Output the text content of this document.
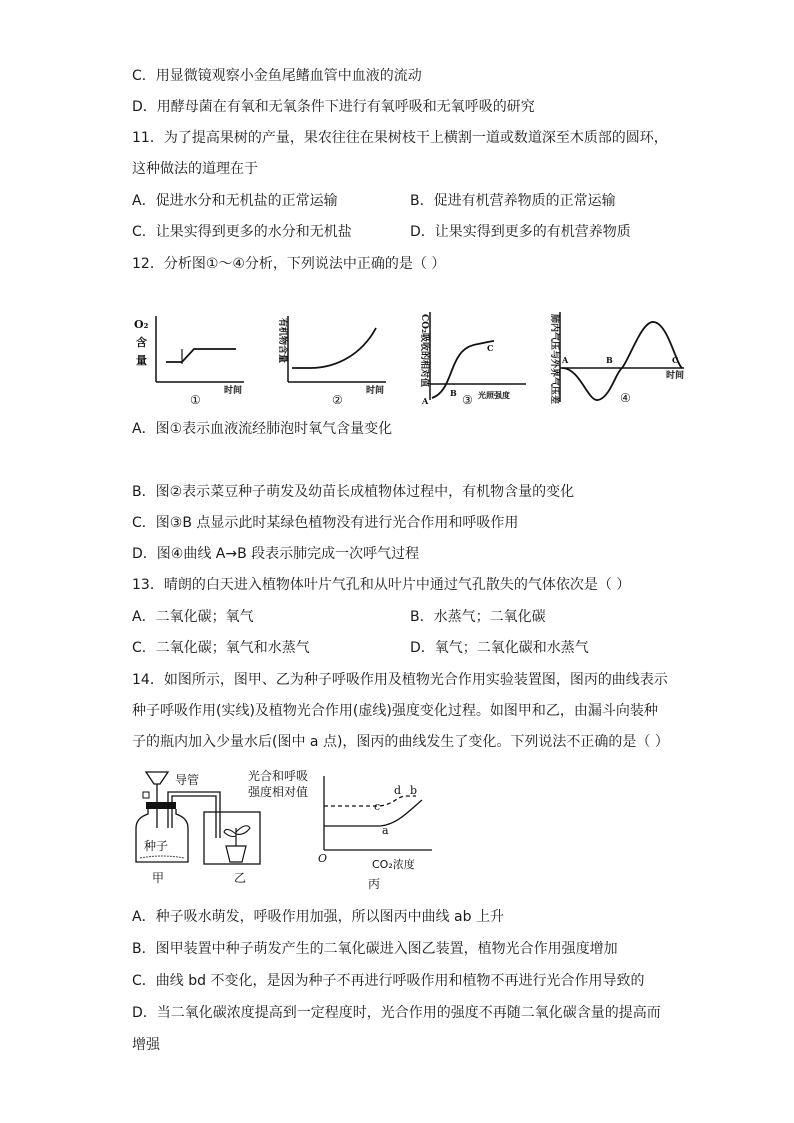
C．用显微镜观察小金鱼尾鳍血管中血液的流动
D．用酵母菌在有氧和无氧条件下进行有氧呼吸和无氧呼吸的研究
11．为了提高果树的产量，果农往往在果树枝干上横割一道或数道深至木质部的圆环，
这种做法的道理在于
A．促进水分和无机盐的正常运输	B．促进有机营养物质的正常运输
C．让果实得到更多的水分和无机盐	D．让果实得到更多的有机营养物质
12．分析图①～④分析，下列说法中正确的是（ ）
O₂
含
量
时间
①
有机物含量
时间
②
CO₂吸收的相对值
A
B
C
③ 光照强度	肺内气压与外界气压差 A	B	C
时间
④
A．图①表示血液流经肺泡时氧气含量变化
B．图②表示菜豆种子萌发及幼苗长成植物体过程中，有机物含量的变化
C．图③B 点显示此时某绿色植物没有进行光合作用和呼吸作用
D．图④曲线 A→B 段表示肺完成一次呼气过程
13．晴朗的白天进入植物体叶片气孔和从叶片中通过气孔散失的气体依次是（ ）
A．二氧化碳；氧气	B．水蒸气；二氧化碳
C．二氧化碳；氧气和水蒸气	D．氧气；二氧化碳和水蒸气
14．如图所示，图甲、乙为种子呼吸作用及植物光合作用实验装置图，图丙的曲线表示
种子呼吸作用(实线)及植物光合作用(虚线)强度变化过程。如图甲和乙，由漏斗向装种
子的瓶内加入少量水后(图中 a 点)，图丙的曲线发生了变化。下列说法不正确的是（ ）
导管
种子
甲	乙
光合和呼吸
强度相对值
O
a
b
c
d
CO₂浓度
丙
A．种子吸水萌发，呼吸作用加强，所以图丙中曲线 ab 上升
B．图甲装置中种子萌发产生的二氧化碳进入图乙装置，植物光合作用强度增加
C．曲线 bd 不变化，是因为种子不再进行呼吸作用和植物不再进行光合作用导致的
D．当二氧化碳浓度提高到一定程度时，光合作用的强度不再随二氧化碳含量的提高而
增强
